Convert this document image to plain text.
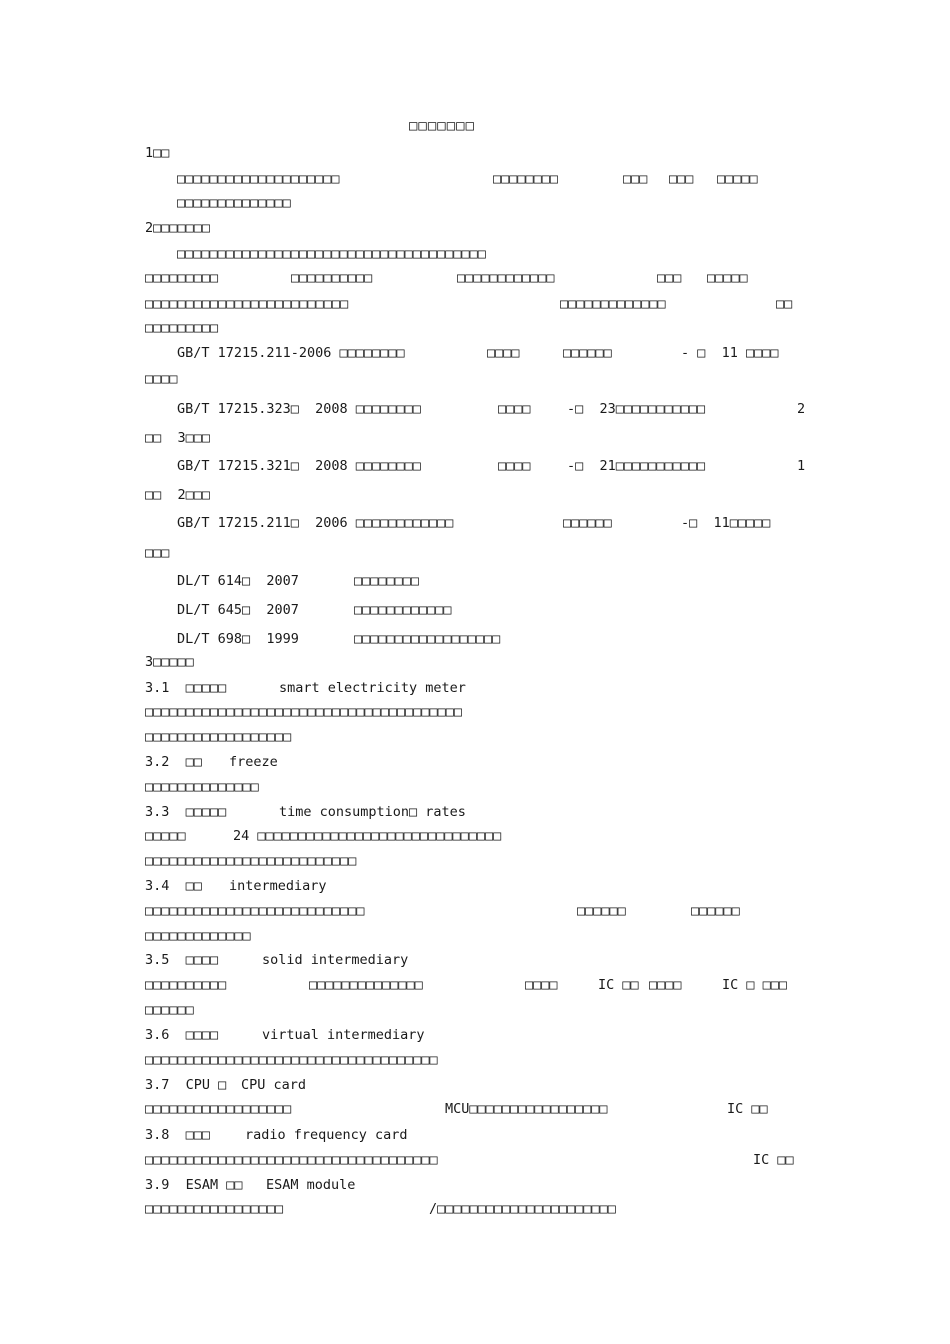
□□□□□□□
1□□
□□□□□□□□□□□□□□□□□□□□	□□□□□□□□	□□□ □□□ □□□□□
□□□□□□□□□□□□□□
2□□□□□□□
□□□□□□□□□□□□□□□□□□□□□□□□□□□□□□□□□□□□□□
□□□□□□□□□	□□□□□□□□□□	□□□□□□□□□□□□	□□□ □□□□□
□□□□□□□□□□□□□□□□□□□□□□□□□	□□□□□□□□□□□□□	□□
□□□□□□□□□
GB/T 17215.211-2006 □□□□□□□□	□□□□	□□□□□□	- □  11 □□□□
□□□□
GB/T 17215.323□  2008 □□□□□□□□	□□□□	-□  23□□□□□□□□□□□	2
□□  3□□□
GB/T 17215.321□  2008 □□□□□□□□	□□□□	-□  21□□□□□□□□□□□	1
□□  2□□□
GB/T 17215.211□  2006 □□□□□□□□□□□□	□□□□□□	-□  11□□□□□
□□□
DL/T 614□  2007	□□□□□□□□
DL/T 645□  2007	□□□□□□□□□□□□
DL/T 698□  1999	□□□□□□□□□□□□□□□□□□
3□□□□□
3.1  □□□□□	smart electricity meter
□□□□□□□□□□□□□□□□□□□□□□□□□□□□□□□□□□□□□□□
□□□□□□□□□□□□□□□□□□
3.2  □□ freeze
□□□□□□□□□□□□□□
3.3  □□□□□	time consumption□ rates
□□□□□	24 □□□□□□□□□□□□□□□□□□□□□□□□□□□□□□
□□□□□□□□□□□□□□□□□□□□□□□□□□
3.4  □□ intermediary
□□□□□□□□□□□□□□□□□□□□□□□□□□□	□□□□□□	□□□□□□
□□□□□□□□□□□□□
3.5  □□□□	solid intermediary
□□□□□□□□□□	□□□□□□□□□□□□□□	□□□□	IC □□ □□□□	IC □ □□□
□□□□□□
3.6  □□□□	virtual intermediary
□□□□□□□□□□□□□□□□□□□□□□□□□□□□□□□□□□□□
3.7  CPU □ CPU card
□□□□□□□□□□□□□□□□□□	MCU□□□□□□□□□□□□□□□□□	IC □□
3.8  □□□	radio frequency card
□□□□□□□□□□□□□□□□□□□□□□□□□□□□□□□□□□□□	IC □□
3.9  ESAM □□ ESAM module
□□□□□□□□□□□□□□□□□	/□□□□□□□□□□□□□□□□□□□□□□
